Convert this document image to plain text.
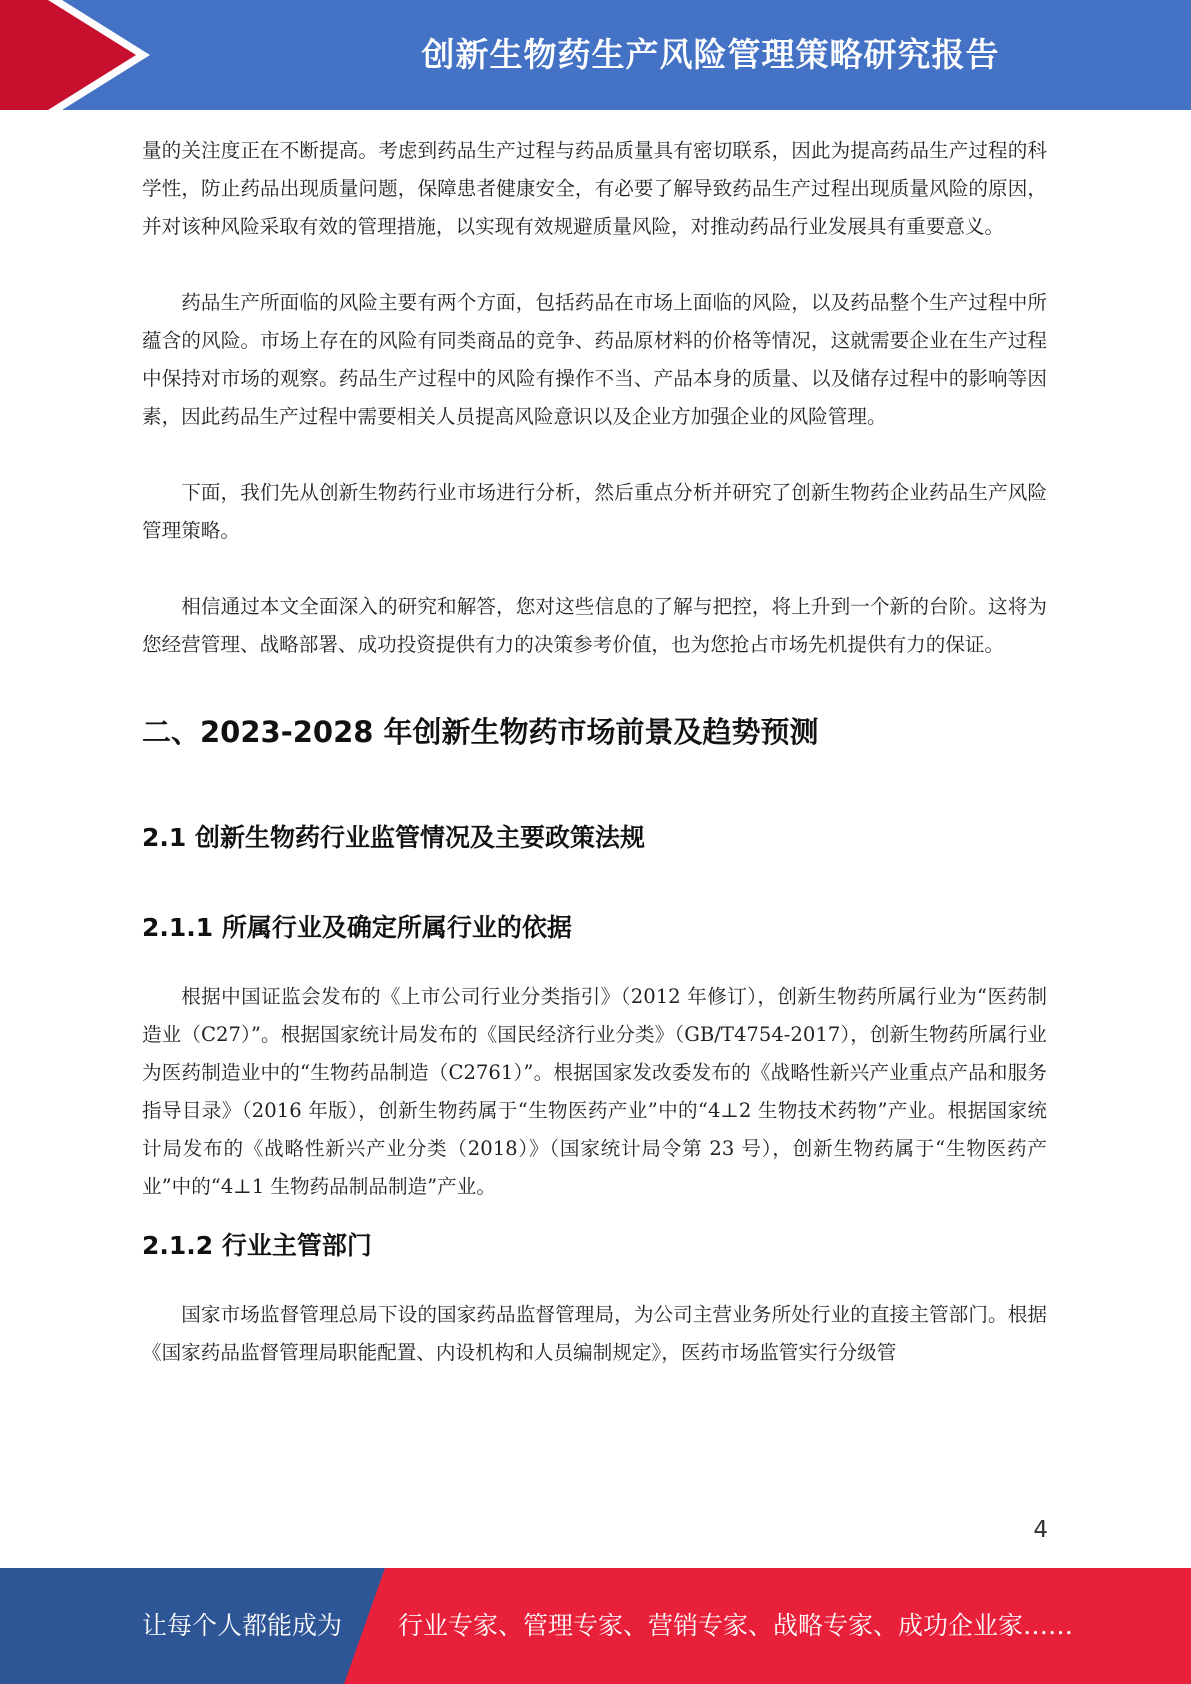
创新生物药生产风险管理策略研究报告

量的关注度正在不断提高。考虑到药品生产过程与药品质量具有密切联系，因此为提高药品生产过程的科学性，防止药品出现质量问题，保障患者健康安全，有必要了解导致药品生产过程出现质量风险的原因，并对该种风险采取有效的管理措施，以实现有效规避质量风险，对推动药品行业发展具有重要意义。

药品生产所面临的风险主要有两个方面，包括药品在市场上面临的风险，以及药品整个生产过程中所蕴含的风险。市场上存在的风险有同类商品的竞争、药品原材料的价格等情况，这就需要企业在生产过程中保持对市场的观察。药品生产过程中的风险有操作不当、产品本身的质量、以及储存过程中的影响等因素，因此药品生产过程中需要相关人员提高风险意识以及企业方加强企业的风险管理。

下面，我们先从创新生物药行业市场进行分析，然后重点分析并研究了创新生物药企业药品生产风险管理策略。

相信通过本文全面深入的研究和解答，您对这些信息的了解与把控，将上升到一个新的台阶。这将为您经营管理、战略部署、成功投资提供有力的决策参考价值，也为您抢占市场先机提供有力的保证。

二、2023-2028 年创新生物药市场前景及趋势预测
2.1 创新生物药行业监管情况及主要政策法规
2.1.1 所属行业及确定所属行业的依据

根据中国证监会发布的《上市公司行业分类指引》（2012 年修订），创新生物药所属行业为“医药制造业（C27）”。根据国家统计局发布的《国民经济行业分类》（GB/T4754-2017），创新生物药所属行业为医药制造业中的“生物药品制造（C2761）”。根据国家发改委发布的《战略性新兴产业重点产品和服务指导目录》（2016 年版），创新生物药属于“生物医药产业”中的“4⊥2 生物技术药物”产业。根据国家统计局发布的《战略性新兴产业分类（2018）》（国家统计局令第 23 号），创新生物药属于“生物医药产业”中的“4⊥1 生物药品制品制造”产业。

2.1.2 行业主管部门

国家市场监督管理总局下设的国家药品监督管理局，为公司主营业务所处行业的直接主管部门。根据《国家药品监督管理局职能配置、内设机构和人员编制规定》，医药市场监管实行分级管

4
让每个人都能成为 行业专家、管理专家、营销专家、战略专家、成功企业家……
